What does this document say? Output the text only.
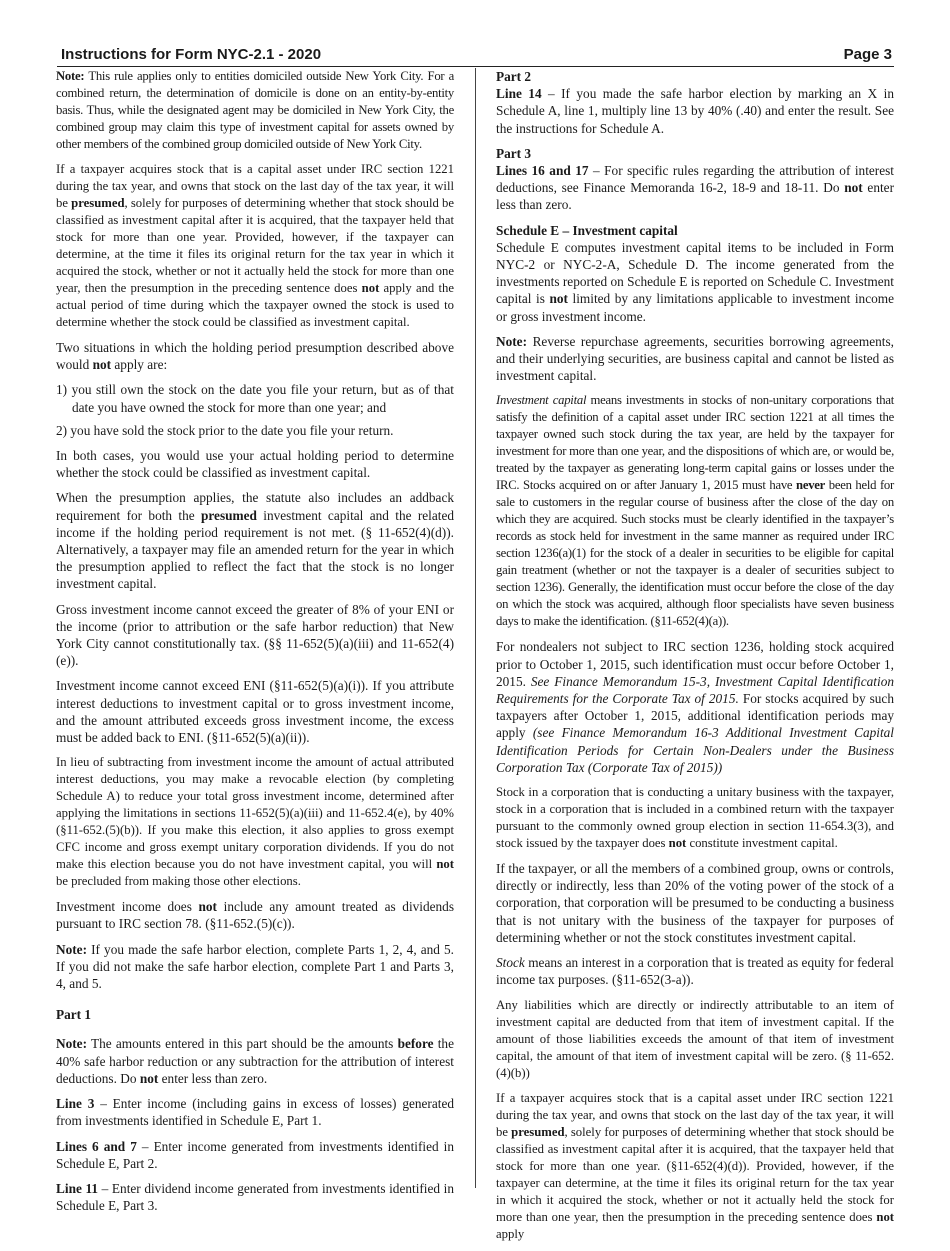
Instructions for Form NYC-2.1 - 2020	Page 3

Note: This rule applies only to entities domiciled outside New York City. For a combined return, the determination of domicile is done on an entity-by-entity basis. Thus, while the designated agent may be domiciled in New York City, the combined group may claim this type of investment capital for assets owned by other members of the combined group domiciled outside of New York City.

If a taxpayer acquires stock that is a capital asset under IRC section 1221 during the tax year, and owns that stock on the last day of the tax year, it will be presumed, solely for purposes of determining whether that stock should be classified as investment capital after it is acquired, that the taxpayer held that stock for more than one year. Provided, however, if the taxpayer can determine, at the time it files its original return for the tax year in which it acquired the stock, whether or not it actually held the stock for more than one year, then the presumption in the preceding sentence does not apply and the actual period of time during which the taxpayer owned the stock is used to determine whether the stock could be classified as investment capital.

Two situations in which the holding period presumption described above would not apply are:

1) you still own the stock on the date you file your return, but as of that date you have owned the stock for more than one year; and
2) you have sold the stock prior to the date you file your return.

In both cases, you would use your actual holding period to determine whether the stock could be classified as investment capital.

When the presumption applies, the statute also includes an addback requirement for both the presumed investment capital and the related income if the holding period requirement is not met. (§ 11-652(4)(d)). Alternatively, a taxpayer may file an amended return for the year in which the presumption applied to reflect the fact that the stock is no longer investment capital.

Gross investment income cannot exceed the greater of 8% of your ENI or the income (prior to attribution or the safe harbor reduction) that New York City cannot constitutionally tax. (§§ 11-652(5)(a)(iii) and 11-652(4)(e)).

Investment income cannot exceed ENI (§11-652(5)(a)(i)). If you attribute interest deductions to investment capital or to gross investment income, and the amount attributed exceeds gross investment income, the excess must be added back to ENI. (§11-652(5)(a)(ii)).

In lieu of subtracting from investment income the amount of actual attributed interest deductions, you may make a revocable election (by completing Schedule A) to reduce your total gross investment income, determined after applying the limitations in sections 11-652(5)(a)(iii) and 11-652.4(e), by 40% (§11-652.(5)(b)). If you make this election, it also applies to gross exempt CFC income and gross exempt unitary corporation dividends. If you do not make this election because you do not have investment capital, you will not be precluded from making those other elections.

Investment income does not include any amount treated as dividends pursuant to IRC section 78. (§11-652.(5)(c)).

Note: If you made the safe harbor election, complete Parts 1, 2, 4, and 5. If you did not make the safe harbor election, complete Part 1 and Parts 3, 4, and 5.

Part 1

Note: The amounts entered in this part should be the amounts before the 40% safe harbor reduction or any subtraction for the attribution of interest deductions. Do not enter less than zero.

Line 3 – Enter income (including gains in excess of losses) generated from investments identified in Schedule E, Part 1.

Lines 6 and 7 – Enter income generated from investments identified in Schedule E, Part 2.

Line 11 – Enter dividend income generated from investments identified in Schedule E, Part 3.

Part 2

Line 14 – If you made the safe harbor election by marking an X in Schedule A, line 1, multiply line 13 by 40% (.40) and enter the result. See the instructions for Schedule A.

Part 3

Lines 16 and 17 – For specific rules regarding the attribution of interest deductions, see Finance Memoranda 16-2, 18-9 and 18-11. Do not enter less than zero.

Schedule E – Investment capital

Schedule E computes investment capital items to be included in Form NYC-2 or NYC-2-A, Schedule D. The income generated from the investments reported on Schedule E is reported on Schedule C. Investment capital is not limited by any limitations applicable to investment income or gross investment income.

Note: Reverse repurchase agreements, securities borrowing agreements, and their underlying securities, are business capital and cannot be listed as investment capital.

Investment capital means investments in stocks of non-unitary corporations that satisfy the definition of a capital asset under IRC section 1221 at all times the taxpayer owned such stock during the tax year, are held by the taxpayer for investment for more than one year, and the dispositions of which are, or would be, treated by the taxpayer as generating long-term capital gains or losses under the IRC. Stocks acquired on or after January 1, 2015 must have never been held for sale to customers in the regular course of business after the close of the day on which they are acquired. Such stocks must be clearly identified in the taxpayer’s records as stock held for investment in the same manner as required under IRC section 1236(a)(1) for the stock of a dealer in securities to be eligible for capital gain treatment (whether or not the taxpayer is a dealer of securities subject to section 1236). Generally, the identification must occur before the close of the day on which the stock was acquired, although floor specialists have seven business days to make the identification. (§11-652(4)(a)).

For nondealers not subject to IRC section 1236, holding stock acquired prior to October 1, 2015, such identification must occur before October 1, 2015. See Finance Memorandum 15-3, Investment Capital Identification Requirements for the Corporate Tax of 2015. For stocks acquired by such taxpayers after October 1, 2015, additional identification periods may apply (see Finance Memorandum 16-3 Additional Investment Capital Identification Periods for Certain Non-Dealers under the Business Corporation Tax (Corporate Tax of 2015))

Stock in a corporation that is conducting a unitary business with the taxpayer, stock in a corporation that is included in a combined return with the taxpayer pursuant to the commonly owned group election in section 11-654.3(3), and stock issued by the taxpayer does not constitute investment capital.

If the taxpayer, or all the members of a combined group, owns or controls, directly or indirectly, less than 20% of the voting power of the stock of a corporation, that corporation will be presumed to be conducting a business that is not unitary with the business of the taxpayer for purposes of determining whether or not the stock constitutes investment capital.

Stock means an interest in a corporation that is treated as equity for federal income tax purposes. (§11-652(3-a)).

Any liabilities which are directly or indirectly attributable to an item of investment capital are deducted from that item of investment capital. If the amount of those liabilities exceeds the amount of that item of investment capital, the amount of that item of investment capital will be zero. (§ 11-652.(4)(b))

If a taxpayer acquires stock that is a capital asset under IRC section 1221 during the tax year, and owns that stock on the last day of the tax year, it will be presumed, solely for purposes of determining whether that stock should be classified as investment capital after it is acquired, that the taxpayer held that stock for more than one year. (§11-652(4)(d)). Provided, however, if the taxpayer can determine, at the time it files its original return for the tax year in which it acquired the stock, whether or not it actually held the stock for more than one year, then the presumption in the preceding sentence does not apply
